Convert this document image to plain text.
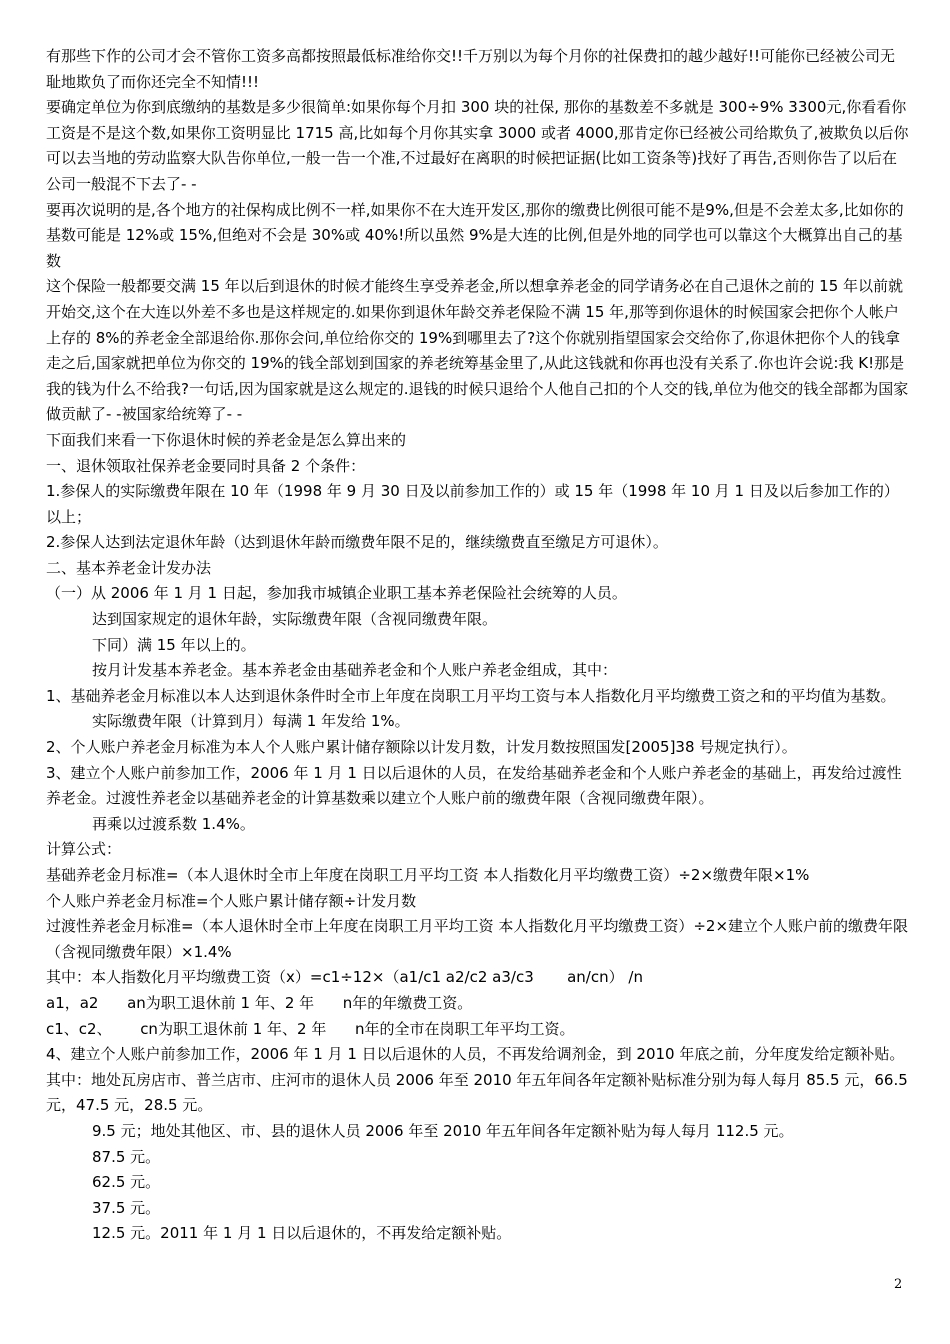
有那些下作的公司才会不管你工资多高都按照最低标准给你交!!千万别以为每个月你的社保费扣的越少越好!!可能你已经被公司无耻地欺负了而你还完全不知情!!!

要确定单位为你到底缴纳的基数是多少很简单:如果你每个月扣 300 块的社保, 那你的基数差不多就是 300÷9% 3300元,你看看你工资是不是这个数,如果你工资明显比 1715 高,比如每个月你其实拿 3000 或者 4000,那肯定你已经被公司给欺负了,被欺负以后你可以去当地的劳动监察大队告你单位,一般一告一个准,不过最好在离职的时候把证据(比如工资条等)找好了再告,否则你告了以后在公司一般混不下去了- -

要再次说明的是,各个地方的社保构成比例不一样,如果你不在大连开发区,那你的缴费比例很可能不是9%,但是不会差太多,比如你的基数可能是 12%或 15%,但绝对不会是 30%或 40%!所以虽然 9%是大连的比例,但是外地的同学也可以靠这个大概算出自己的基数

这个保险一般都要交满 15 年以后到退休的时候才能终生享受养老金,所以想拿养老金的同学请务必在自己退休之前的 15 年以前就开始交,这个在大连以外差不多也是这样规定的.如果你到退休年龄交养老保险不满 15 年,那等到你退休的时候国家会把你个人帐户上存的 8%的养老金全部退给你.那你会问,单位给你交的 19%到哪里去了?这个你就别指望国家会交给你了,你退休把你个人的钱拿走之后,国家就把单位为你交的 19%的钱全部划到国家的养老统筹基金里了,从此这钱就和你再也没有关系了.你也许会说:我 K!那是我的钱为什么不给我?一句话,因为国家就是这么规定的.退钱的时候只退给个人他自己扣的个人交的钱,单位为他交的钱全部都为国家做贡献了- -被国家给统筹了- -

下面我们来看一下你退休时候的养老金是怎么算出来的

一、退休领取社保养老金要同时具备 2 个条件：

1.参保人的实际缴费年限在 10 年（1998 年 9 月 30 日及以前参加工作的）或 15 年（1998 年 10 月 1 日及以后参加工作的）以上；

2.参保人达到法定退休年龄（达到退休年龄而缴费年限不足的，继续缴费直至缴足方可退休）。

二、基本养老金计发办法

（一）从 2006 年 1 月 1 日起，参加我市城镇企业职工基本养老保险社会统筹的人员。

达到国家规定的退休年龄，实际缴费年限（含视同缴费年限。

下同）满 15 年以上的。

按月计发基本养老金。基本养老金由基础养老金和个人账户养老金组成，其中：

1、基础养老金月标准以本人达到退休条件时全市上年度在岗职工月平均工资与本人指数化月平均缴费工资之和的平均值为基数。

实际缴费年限（计算到月）每满 1 年发给 1%。

2、个人账户养老金月标准为本人个人账户累计储存额除以计发月数，计发月数按照国发[2005]38 号规定执行）。

3、建立个人账户前参加工作，2006 年 1 月 1 日以后退休的人员，在发给基础养老金和个人账户养老金的基础上，再发给过渡性养老金。过渡性养老金以基础养老金的计算基数乘以建立个人账户前的缴费年限（含视同缴费年限）。

再乘以过渡系数 1.4%。

计算公式：

基础养老金月标准=（本人退休时全市上年度在岗职工月平均工资 本人指数化月平均缴费工资）÷2×缴费年限×1%

个人账户养老金月标准=个人账户累计储存额÷计发月数

过渡性养老金月标准=（本人退休时全市上年度在岗职工月平均工资 本人指数化月平均缴费工资）÷2×建立个人账户前的缴费年限（含视同缴费年限）×1.4%

其中：本人指数化月平均缴费工资（x）=c1÷12×（a1/c1 a2/c2 a3/c3       an/cn） /n

a1，a2      an为职工退休前 1 年、2 年      n年的年缴费工资。

c1、c2、      cn为职工退休前 1 年、2 年      n年的全市在岗职工年平均工资。

4、建立个人账户前参加工作，2006 年 1 月 1 日以后退休的人员，不再发给调剂金，到 2010 年底之前，分年度发给定额补贴。其中：地处瓦房店市、普兰店市、庄河市的退休人员 2006 年至 2010 年五年间各年定额补贴标准分别为每人每月 85.5 元，66.5 元，47.5 元，28.5 元。

9.5 元；地处其他区、市、县的退休人员 2006 年至 2010 年五年间各年定额补贴为每人每月 112.5 元。

87.5 元。

62.5 元。

37.5 元。

12.5 元。2011 年 1 月 1 日以后退休的，不再发给定额补贴。

2
